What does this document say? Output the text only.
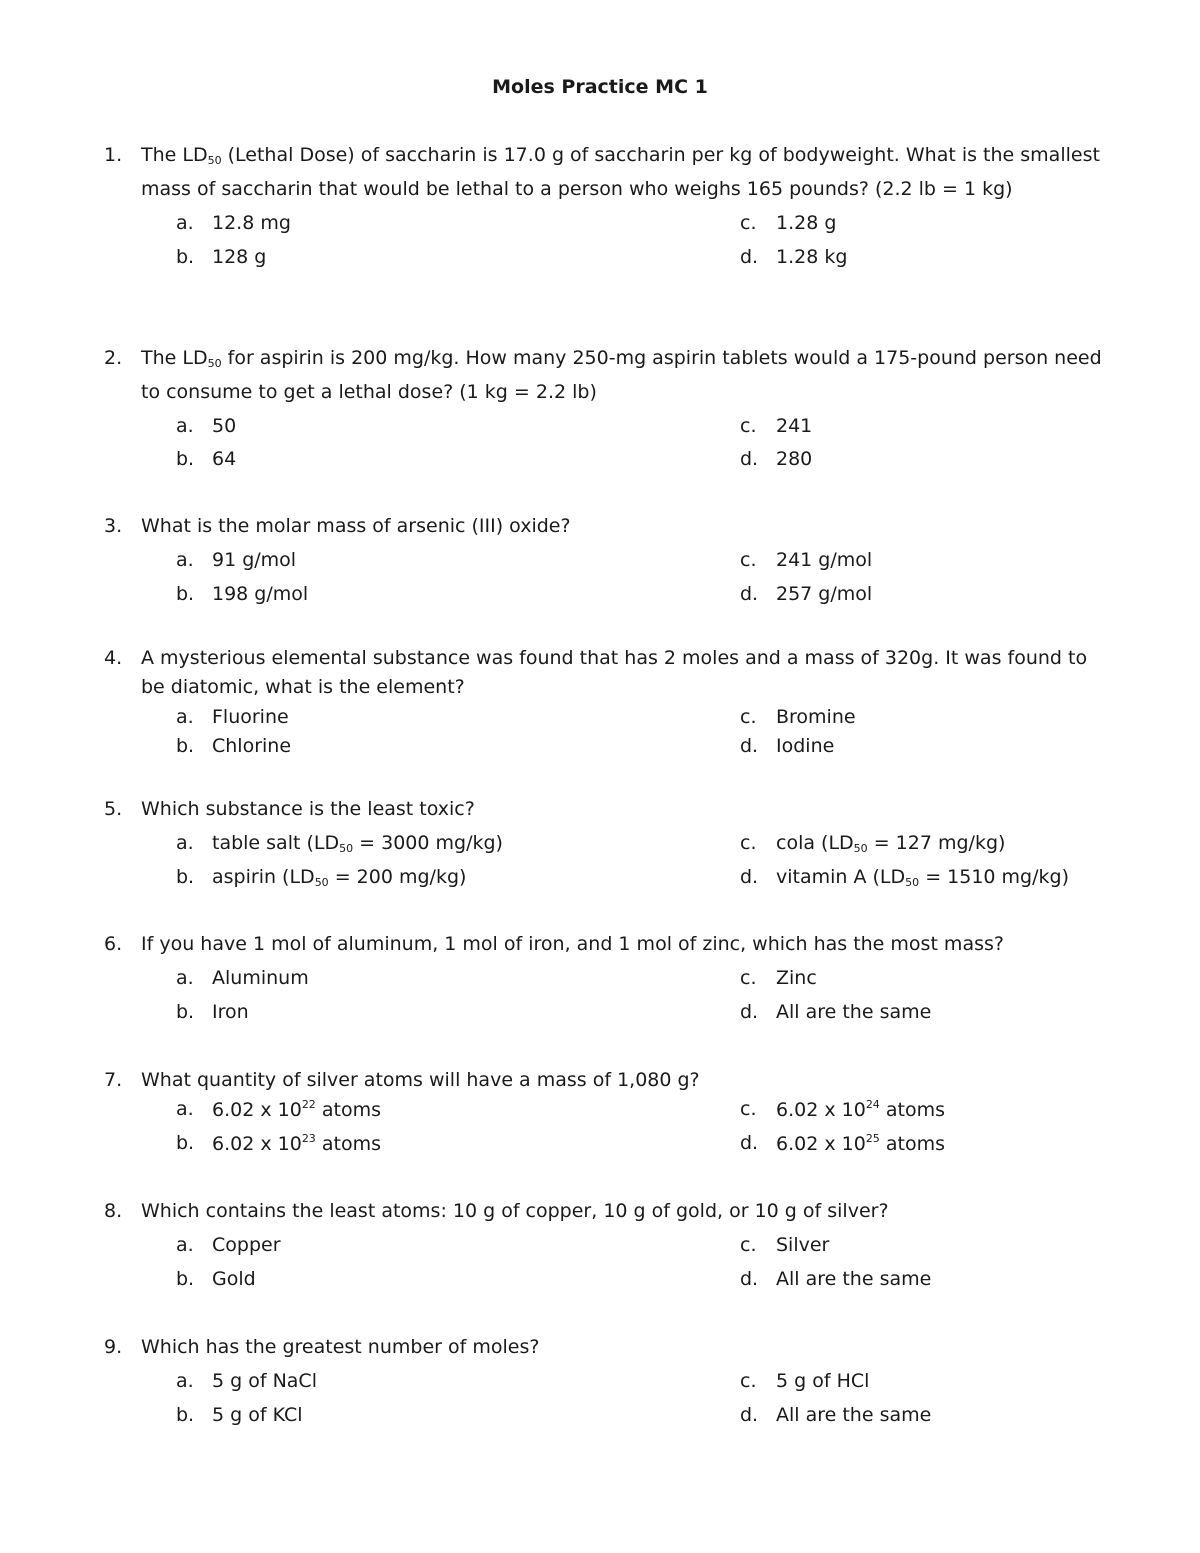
Moles Practice MC 1
1. The $LD_{50}$ (Lethal Dose) of saccharin is 17.0 g of saccharin per kg of bodyweight. What is the smallest
mass of saccharin that would be lethal to a person who weighs 165 pounds? (2.2 lb = 1 kg)
a. 12.8 mg
b. 128 g
c.	1.28 g
d. 1.28 kg
2. The $LD_{50}$ for aspirin is 200 mg/kg. How many 250-mg aspirin tablets would a 175-pound person need
to consume to get a lethal dose? (1 kg = 2.2 lb)
a. 50
b. 64
c.	241
d. 280
3. What is the molar mass of arsenic (III) oxide?
a. 91 g/mol
b. 198 g/mol
c.	241 g/mol
d. 257 g/mol
4. A mysterious elemental substance was found that has 2 moles and a mass of 320g. It was found to
be diatomic, what is the element?
a. Fluorine
b. Chlorine
c.	Bromine
d. Iodine
5. Which substance is the least toxic?
a. table salt ($LD_{50} = 3000$ mg/kg)
b. aspirin ($LD_{50} = 200$ mg/kg)
c.	cola ($LD_{50} = 127$ mg/kg)
d. vitamin A ($LD_{50} = 1510$ mg/kg)
6. If you have 1 mol of aluminum, 1 mol of iron, and 1 mol of zinc, which has the most mass?
a. Aluminum
b. Iron
c.	Zinc
d. All are the same
7. What quantity of silver atoms will have a mass of 1,080 g?
a. 6.02 x $10^{22}$ atoms
b. 6.02 x $10^{23}$ atoms
c.	6.02 x $10^{24}$ atoms
d. 6.02 x $10^{25}$ atoms
8. Which contains the least atoms: 10 g of copper, 10 g of gold, or 10 g of silver?
a. Copper
b. Gold
c.	Silver
d. All are the same
9. Which has the greatest number of moles?
a. 5 g of NaCl
b. 5 g of KCl
c.	5 g of HCl
d. All are the same
